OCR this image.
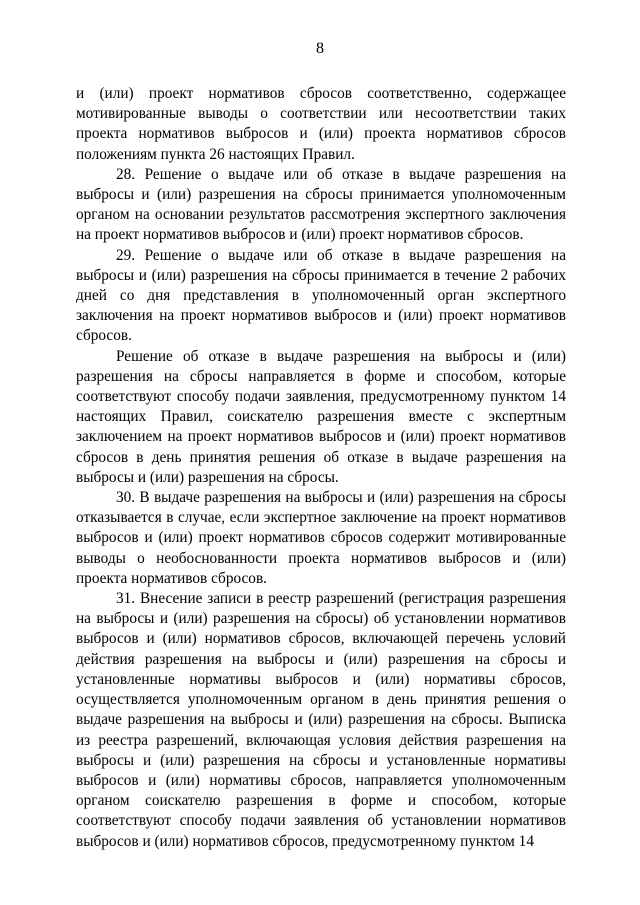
8

и (или) проект нормативов сбросов соответственно, содержащее мотивированные выводы о соответствии или несоответствии таких проекта нормативов выбросов и (или) проекта нормативов сбросов положениям пункта 26 настоящих Правил.

28. Решение о выдаче или об отказе в выдаче разрешения на выбросы и (или) разрешения на сбросы принимается уполномоченным органом на основании результатов рассмотрения экспертного заключения на проект нормативов выбросов и (или) проект нормативов сбросов.

29. Решение о выдаче или об отказе в выдаче разрешения на выбросы и (или) разрешения на сбросы принимается в течение 2 рабочих дней со дня представления в уполномоченный орган экспертного заключения на проект нормативов выбросов и (или) проект нормативов сбросов.

Решение об отказе в выдаче разрешения на выбросы и (или) разрешения на сбросы направляется в форме и способом, которые соответствуют способу подачи заявления, предусмотренному пунктом 14 настоящих Правил, соискателю разрешения вместе с экспертным заключением на проект нормативов выбросов и (или) проект нормативов сбросов в день принятия решения об отказе в выдаче разрешения на выбросы и (или) разрешения на сбросы.

30. В выдаче разрешения на выбросы и (или) разрешения на сбросы отказывается в случае, если экспертное заключение на проект нормативов выбросов и (или) проект нормативов сбросов содержит мотивированные выводы о необоснованности проекта нормативов выбросов и (или) проекта нормативов сбросов.

31. Внесение записи в реестр разрешений (регистрация разрешения на выбросы и (или) разрешения на сбросы) об установлении нормативов выбросов и (или) нормативов сбросов, включающей перечень условий действия разрешения на выбросы и (или) разрешения на сбросы и установленные нормативы выбросов и (или) нормативы сбросов, осуществляется уполномоченным органом в день принятия решения о выдаче разрешения на выбросы и (или) разрешения на сбросы. Выписка из реестра разрешений, включающая условия действия разрешения на выбросы и (или) разрешения на сбросы и установленные нормативы выбросов и (или) нормативы сбросов, направляется уполномоченным органом соискателю разрешения в форме и способом, которые соответствуют способу подачи заявления об установлении нормативов выбросов и (или) нормативов сбросов, предусмотренному пунктом 14
